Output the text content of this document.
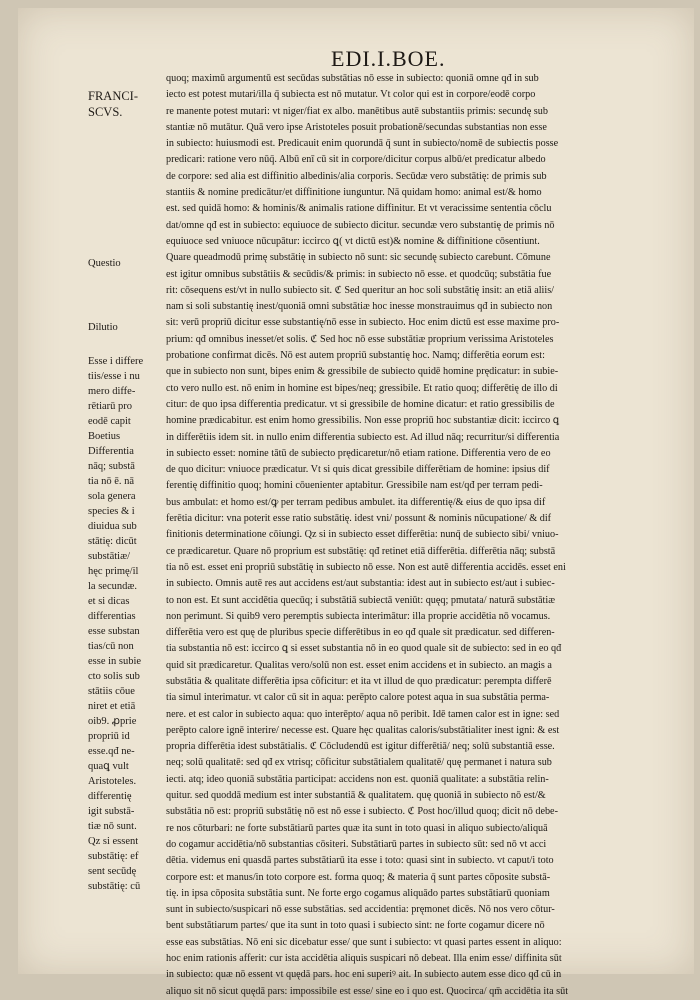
EDI.I.BOE.
FRANCI-
SCVS.
Questio
Dilutio
Esse i differe
tiis/esse i nu
mero diffe-
rētiarū pro
eodē capit
Boetius
Differentia
nāq; substā
tia nō ē. nā
sola genera
species & i
diuidua sub
stātię: dicūt
substātiæ/
hęc primę/il
la secundæ.
et si dicas
differentias
esse substan
tias/cū non
esse in subie
cto solis sub
stātiis cōue
niret et etiā
oib9. ꝓprie
propriū id
esse.qđ ne-
quaꝗ vult
Aristoteles.
differentię
igit substā-
tiæ nō sunt.
Qz si essent
substātię: ef
sent secūdę
substātię: cū
quoq; maximū argumentū est secūdas substātias nō esse in subiecto: quoniā omne qđ in sub
iecto est potest mutari/illa q̄ subiecta est nō mutatur. Vt color qui est in corpore/eodē corpo
re manente potest mutari: vt niger/fiat ex albo. manētibus autē substantiis primis: secundę sub
stantiæ nō mutātur. Quā vero ipse Aristoteles posuit probationē/secundas substantias non esse
in subiecto: huiusmodi est. Predicauit enim quorundā q̄ sunt in subiecto/nomē de subiectis posse
predicari: ratione vero nūq̄. Albū enī cū sit in corpore/dicitur corpus albū/et predicatur albedo
de corpore: sed alia est diffinitio albedinis/alia corporis. Secūdæ vero substātię: de primis sub
stantiis & nomine predicātur/et diffinitione iunguntur. Nā quidam homo: animal est/& homo
est. sed quidā homo: & hominis/& animalis ratione diffinitur. Et vt veracissime sententia cōclu
dat/omne qđ est in subiecto: equiuoce de subiecto dicitur. secundæ vero substantię de primis nō
equiuoce sed vniuoce nūcupātur: iccirco ꝗ( vt dictū est)& nomine & diffinitione cōsentiunt.
Quare queadmodū primę substātię in subiecto nō sunt: sic secundę subiecto carebunt. Cōmune
est igitur omnibus substātiis & secūdis/& primis: in subiecto nō esse. et quodcūq; substātia fue
rit: cōsequens est/vt in nullo subiecto sit. ℭ Sed queritur an hoc soli substātię insit: an etiā aliis/
nam si soli substantię inest/quoniā omni substātiæ hoc inesse monstrauimus qđ in subiecto non
sit: verū propriū dicitur esse substantię/nō esse in subiecto. Hoc enim dictū est esse maxime pro-
prium: qđ omnibus inesset/et solis. ℭ Sed hoc nō esse substātiæ proprium verissima Aristoteles
probatione confirmat dicēs. Nō est autem propriū substantię hoc. Namq; differētia eorum est:
que in subiecto non sunt, bipes enim & gressibile de subiecto quidē homine prędicatur: in subie-
cto vero nullo est. nō enim in homine est bipes/neq; gressibile. Et ratio quoq; differētię de illo di
citur: de quo ipsa differentia predicatur. vt si gressibile de homine dicatur: et ratio gressibilis de
homine prædicabitur. est enim homo gressibilis. Non esse propriū hoc substantiæ dicit: iccirco ꝗ
in differētiis idem sit. in nullo enim differentia subiecto est. Ad illud nāq; recurritur/si differentia
in subiecto esset: nomine tātū de subiecto prędicaretur/nō etiam ratione. Differentia vero de eo
de quo dicitur: vniuoce prædicatur. Vt si quis dicat gressibile differētiam de homine: ipsius dif
ferentię diffinitio quoq; homini cōuenienter aptabitur. Gressibile nam est/qđ per terram pedi-
bus ambulat: et homo est/ꝙ per terram pedibus ambulet. ita differentię/& eius de quo ipsa dif
ferētia dicitur: vna poterit esse ratio substātię. idest vni/ possunt & nominis nūcupatione/ & dif
finitionis determinatione cōiungi. Qz si in subiecto esset differētia: nunq̄ de subiecto sibi/ vniuo-
ce prædicaretur. Quare nō proprium est substātię: qđ retinet etiā differētia. differētia nāq; substā
tia nō est. esset eni propriū substātię in subiecto nō esse. Non est autē differentia accidēs. esset eni
in subiecto. Omnis autē res aut accidens est/aut substantia: idest aut in subiecto est/aut i subiec-
to non est. Et sunt accidētia quecūq; i substātiā subiectā veniūt: quęq; pmutata/ naturā substātiæ
non perimunt. Si quib9 vero peremptis subiecta interimātur: illa proprie accidētia nō vocamus.
differētia vero est quę de pluribus specie differētibus in eo qđ quale sit prædicatur. sed differen-
tia substantia nō est: iccirco ꝗ si esset substantia nō in eo quod quale sit de subiecto: sed in eo qđ
quid sit prædicaretur. Qualitas vero/solū non est. esset enim accidens et in subiecto. an magis a
substātia & qualitate differētia ipsa cōficitur: et ita vt illud de quo prædicatur: perempta differē
tia simul interimatur. vt calor cū sit in aqua: perēpto calore potest aqua in sua substātia perma-
nere. et est calor in subiecto aqua: quo interēpto/ aqua nō peribit. Idē tamen calor est in igne: sed
perēpto calore ignē interire/ necesse est. Quare hęc qualitas caloris/substātialiter inest igni: & est
propria differētia idest substātialis. ℭ Cōcludendū est igitur differētiā/ neq; solū substantiā esse.
neq; solū qualitatē: sed qđ ex vtrisq; cōficitur substātialem qualitatē/ quę permanet i natura sub
iecti. atq; ideo quoniā substātia participat: accidens non est. quoniā qualitate: a substātia relin-
quitur. sed quoddā medium est inter substantiā & qualitatem. quę quoniā in subiecto nō est/&
substātia nō est: propriū substātię nō est nō esse i subiecto. ℭ Post hoc/illud quoq; dicit nō debe-
re nos cōturbari: ne forte substātiarū partes quæ ita sunt in toto quasi in aliquo subiecto/aliquā
do cogamur accidētia/nō substantias cōsiteri. Substātiarū partes in subiecto sūt: sed nō vt acci
dētia. videmus eni quasdā partes substātiarū ita esse i toto: quasi sint in subiecto. vt caput/i toto
corpore est: et manus/in toto corpore est. forma quoq; & materia q̄ sunt partes cōposite substā-
tię. in ipsa cōposita substātia sunt. Ne forte ergo cogamus aliquādo partes substātiarū quoniam
sunt in subiecto/suspicari nō esse substātias. sed accidentia: pręmonet dicēs. Nō nos vero cōtur-
bent substātiarum partes/ que ita sunt in toto quasi i subiecto sint: ne forte cogamur dicere nō
esse eas substātias. Nō eni sic dicebatur esse/ que sunt i subiecto: vt quasi partes essent in aliquo:
hoc enim rationis afferit: cur ista accidētia aliquis suspicari nō debeat. Illa enim esse/ diffinita sūt
in subiecto: quæ nō essent vt quędā pars. hoc eni superiꝰ ait. In subiecto autem esse dico qđ cū in
aliquo sit nō sicut quędā pars: impossibile est esse/ sine eo i quo est. Quocirca/ qm̄ accidētia ita sūt
